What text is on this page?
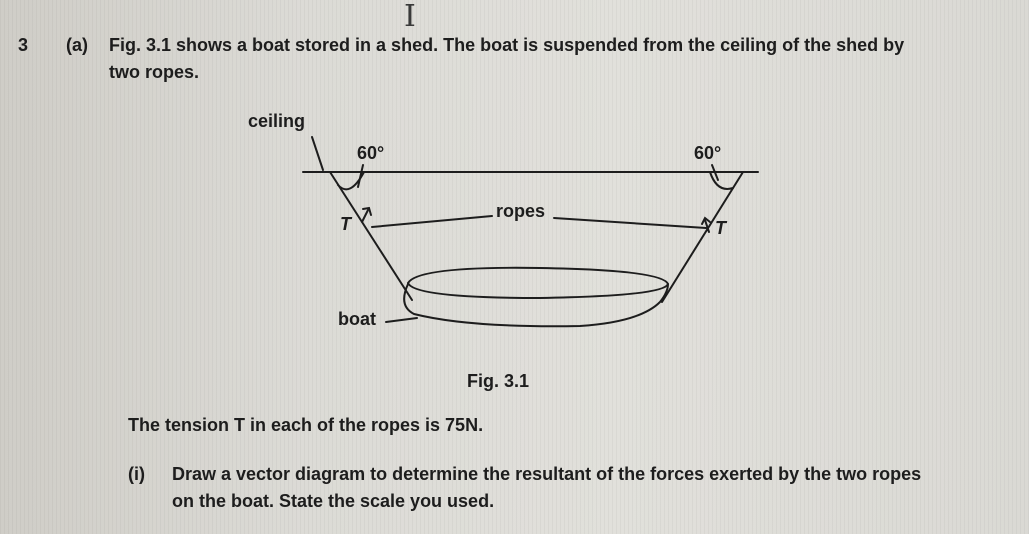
I
3 (a) Fig. 3.1 shows a boat stored in a shed. The boat is suspended from the ceiling of the shed by
two ropes.
ceiling
60°	60°
T	T
ropes
boat
Fig. 3.1
The tension T in each of the ropes is 75N.
(i) Draw a vector diagram to determine the resultant of the forces exerted by the two ropes
on the boat. State the scale you used.
